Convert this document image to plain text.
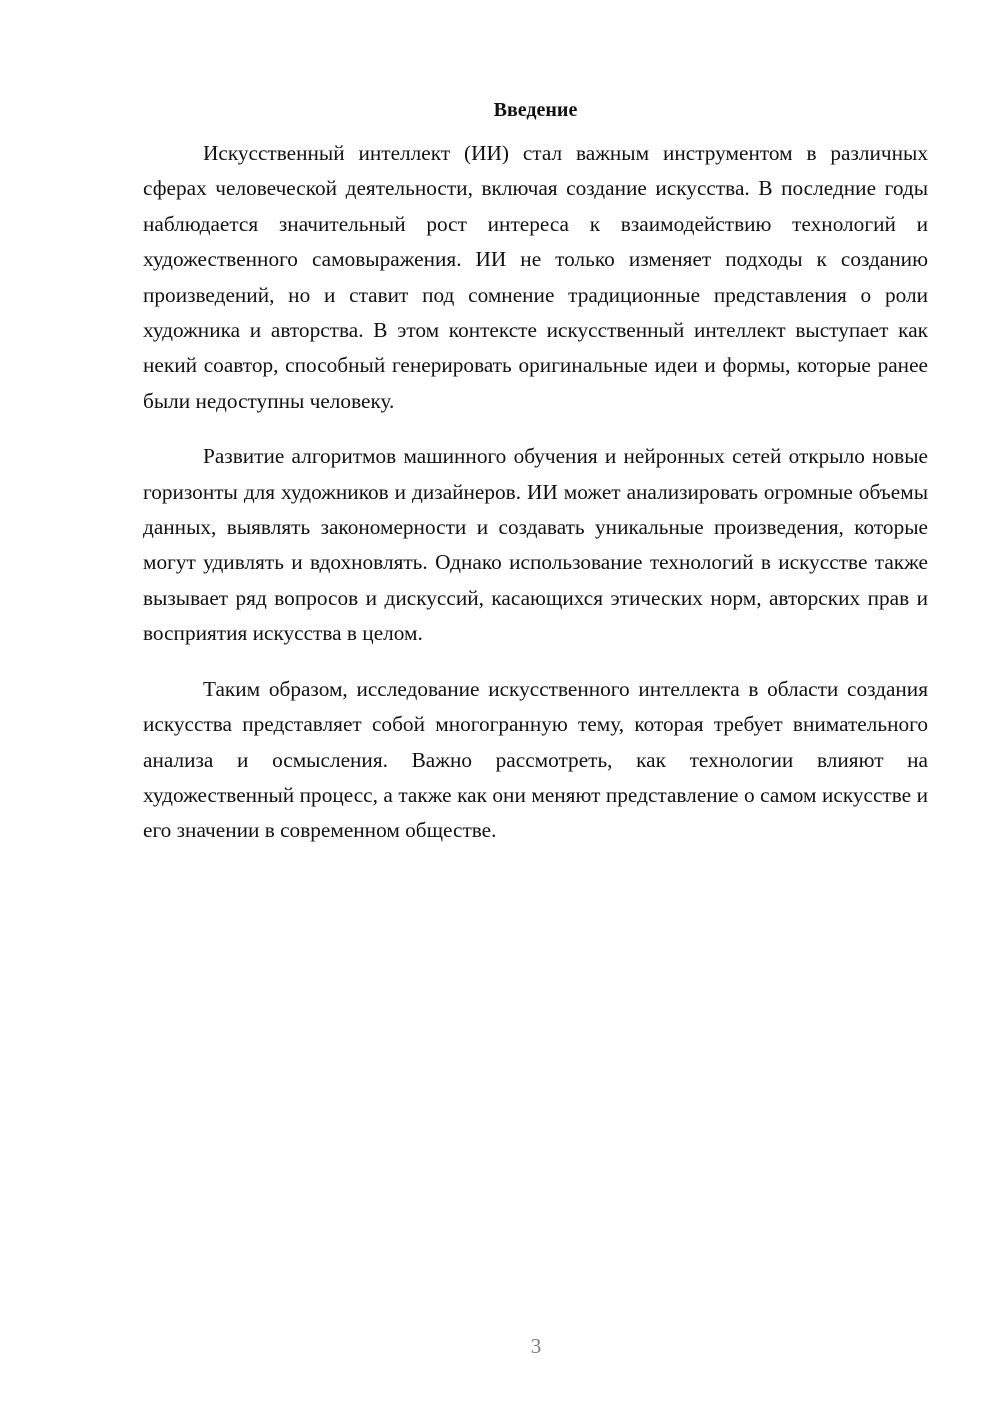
Введение

Искусственный интеллект (ИИ) стал важным инструментом в различных сферах человеческой деятельности, включая создание искусства. В последние годы наблюдается значительный рост интереса к взаимодействию технологий и художественного самовыражения. ИИ не только изменяет подходы к созданию произведений, но и ставит под сомнение традиционные представления о роли художника и авторства. В этом контексте искусственный интеллект выступает как некий соавтор, способный генерировать оригинальные идеи и формы, которые ранее были недоступны человеку.

Развитие алгоритмов машинного обучения и нейронных сетей открыло новые горизонты для художников и дизайнеров. ИИ может анализировать огромные объемы данных, выявлять закономерности и создавать уникальные произведения, которые могут удивлять и вдохновлять. Однако использование технологий в искусстве также вызывает ряд вопросов и дискуссий, касающихся этических норм, авторских прав и восприятия искусства в целом.

Таким образом, исследование искусственного интеллекта в области создания искусства представляет собой многогранную тему, которая требует внимательного анализа и осмысления. Важно рассмотреть, как технологии влияют на художественный процесс, а также как они меняют представление о самом искусстве и его значении в современном обществе.

3
